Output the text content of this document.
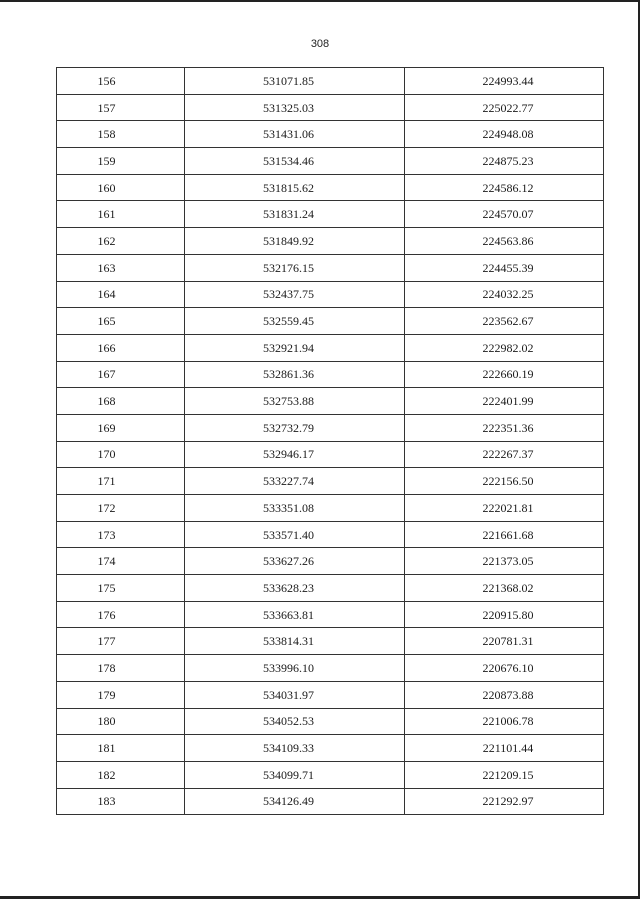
308
156	531071.85	224993.44
157	531325.03	225022.77
158	531431.06	224948.08
159	531534.46	224875.23
160	531815.62	224586.12
161	531831.24	224570.07
162	531849.92	224563.86
163	532176.15	224455.39
164	532437.75	224032.25
165	532559.45	223562.67
166	532921.94	222982.02
167	532861.36	222660.19
168	532753.88	222401.99
169	532732.79	222351.36
170	532946.17	222267.37
171	533227.74	222156.50
172	533351.08	222021.81
173	533571.40	221661.68
174	533627.26	221373.05
175	533628.23	221368.02
176	533663.81	220915.80
177	533814.31	220781.31
178	533996.10	220676.10
179	534031.97	220873.88
180	534052.53	221006.78
181	534109.33	221101.44
182	534099.71	221209.15
183	534126.49	221292.97
